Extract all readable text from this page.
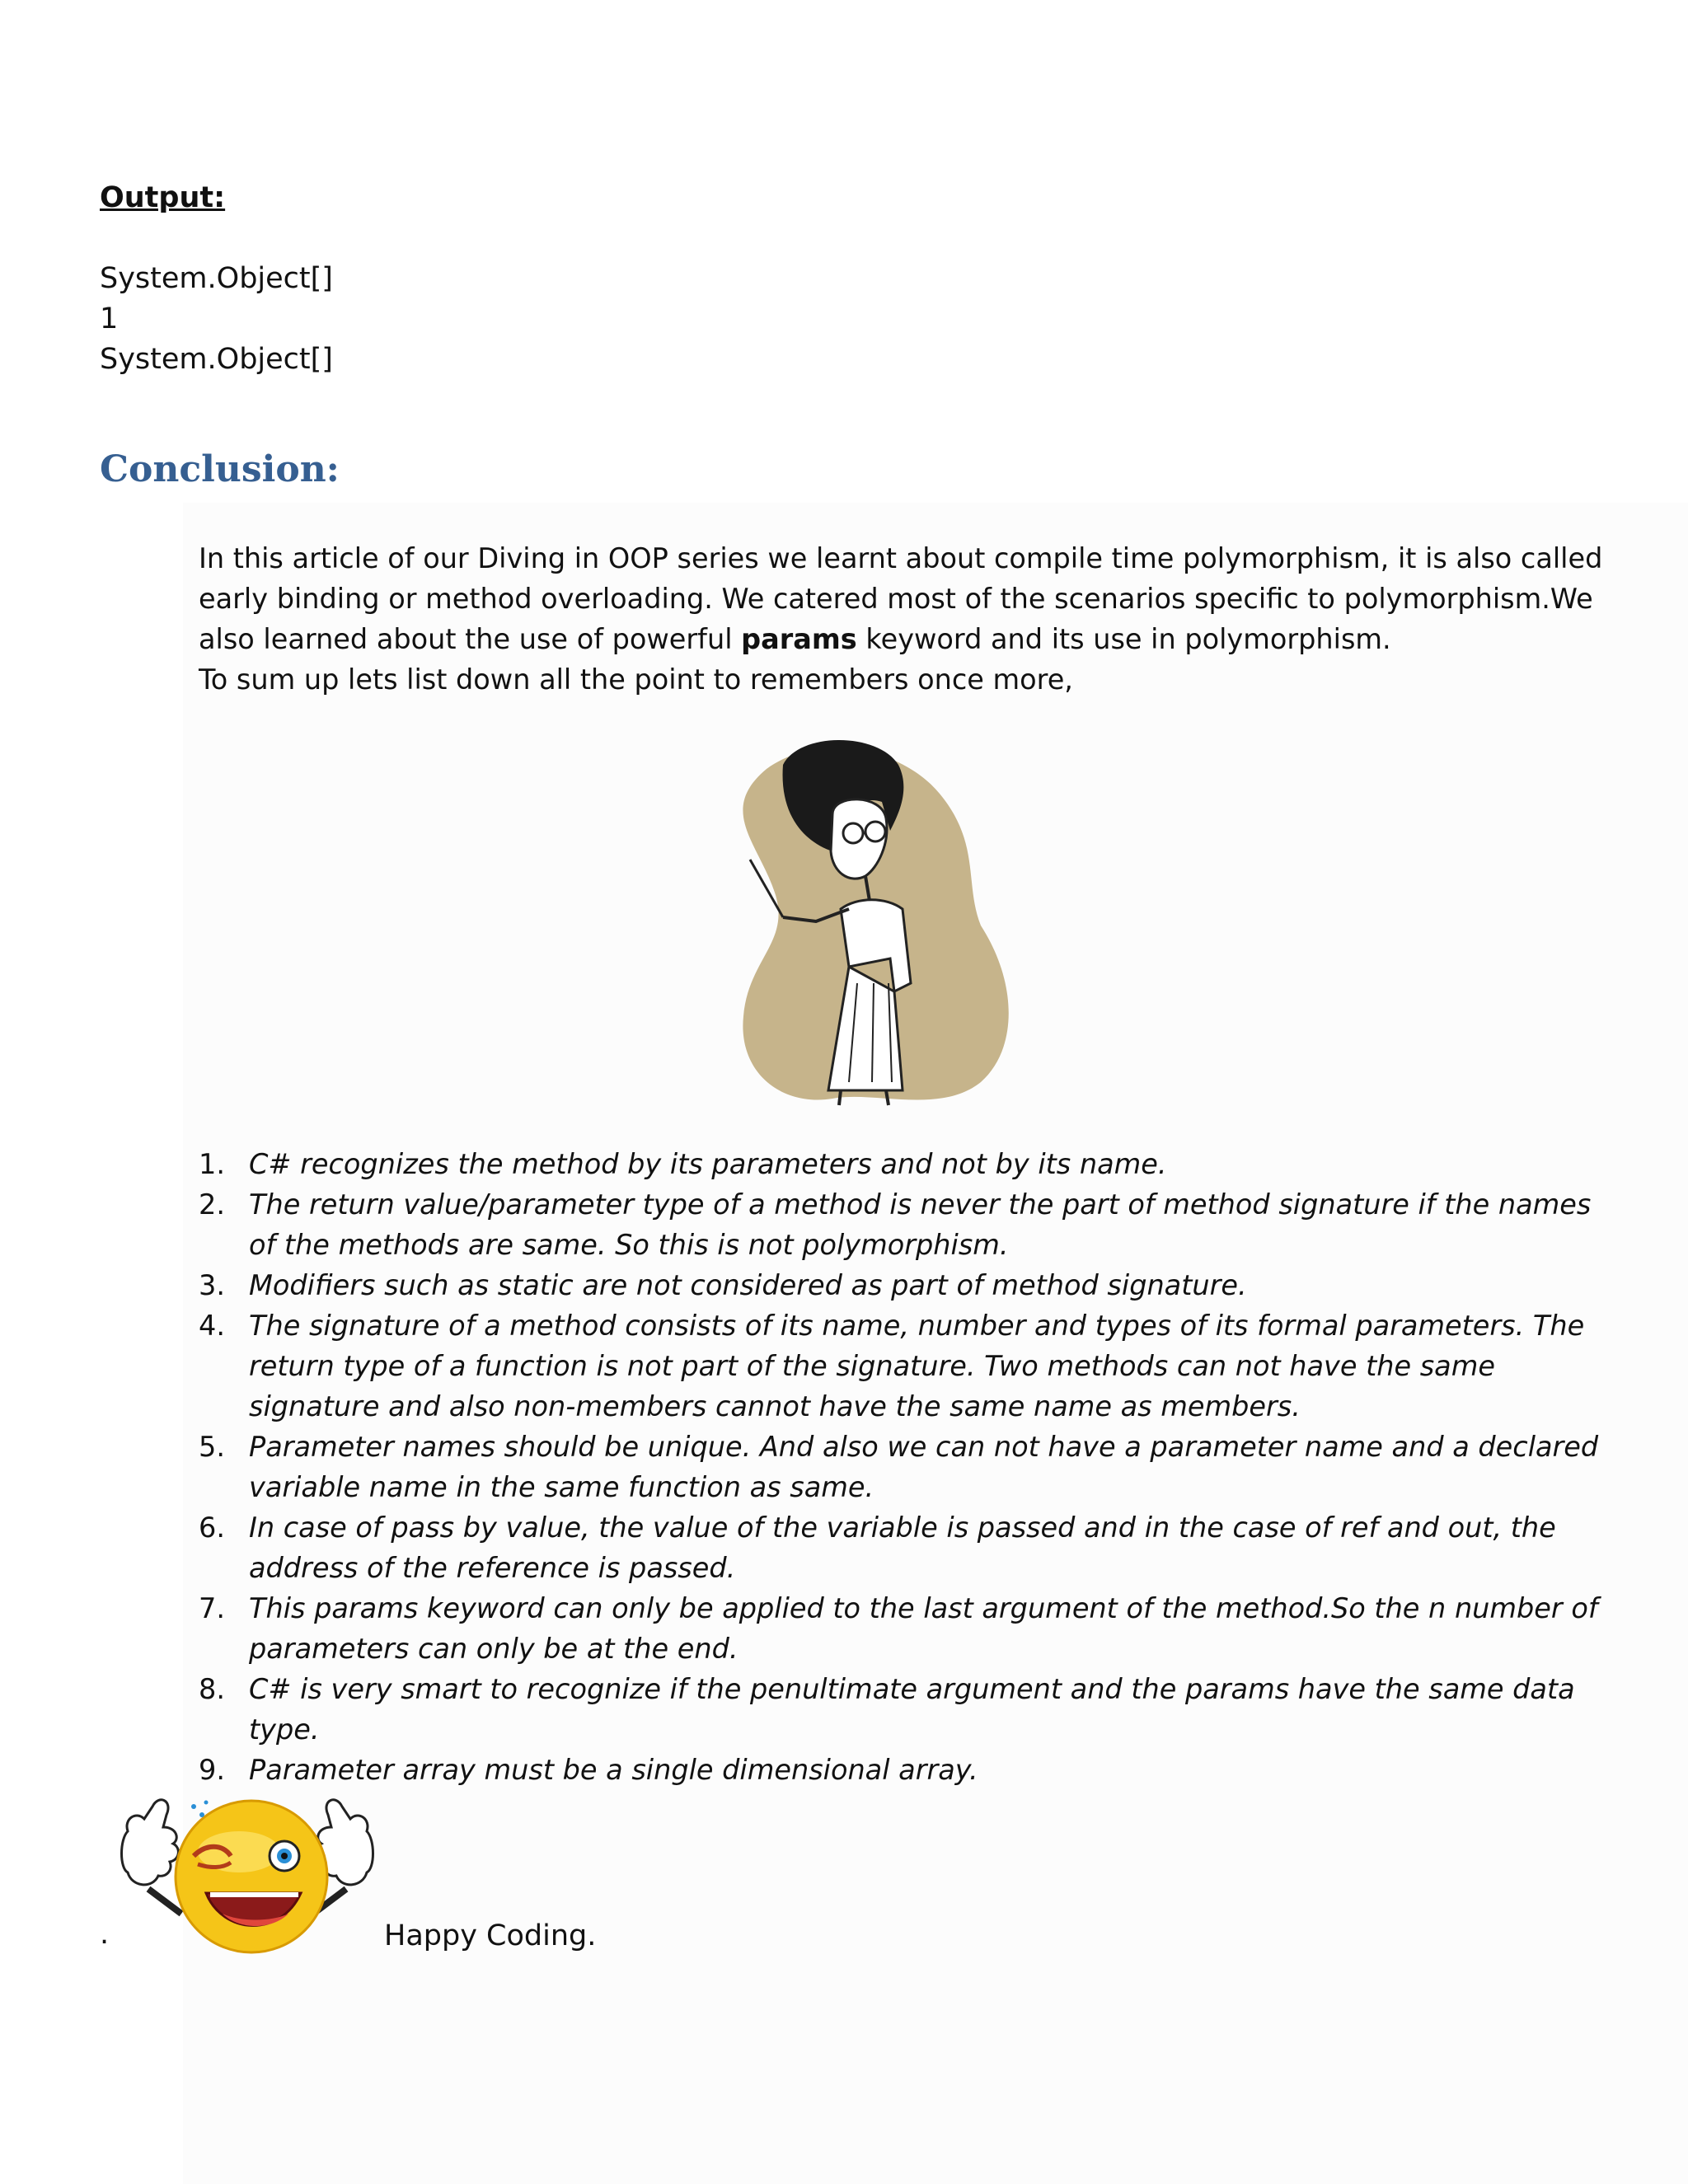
Output:
System.Object[]
1
System.Object[]
Conclusion:

In this article of our Diving in OOP series we learnt about compile time polymorphism, it is also called early binding or method overloading. We catered most of the scenarios specific to polymorphism.We also learned about the use of powerful params keyword and its use in polymorphism.

To sum up lets list down all the point to remembers once more,

1. C# recognizes the method by its parameters and not by its name.
2. The return value/parameter type of a method is never the part of method signature if the names of the methods are same. So this is not polymorphism.
3. Modifiers such as static are not considered as part of method signature.
4. The signature of a method consists of its name, number and types of its formal parameters. The return type of a function is not part of the signature. Two methods can not have the same signature and also non-members cannot have the same name as members.
5. Parameter names should be unique. And also we can not have a parameter name and a declared variable name in the same function as same.
6. In case of pass by value, the value of the variable is passed and in the case of ref and out, the address of the reference is passed.
7. This params keyword can only be applied to the last argument of the method.So the n number of parameters can only be at the end.
8. C# is very smart to recognize if the penultimate argument and the params have the same data type.
9. Parameter array must be a single dimensional array.
.	Happy Coding.
